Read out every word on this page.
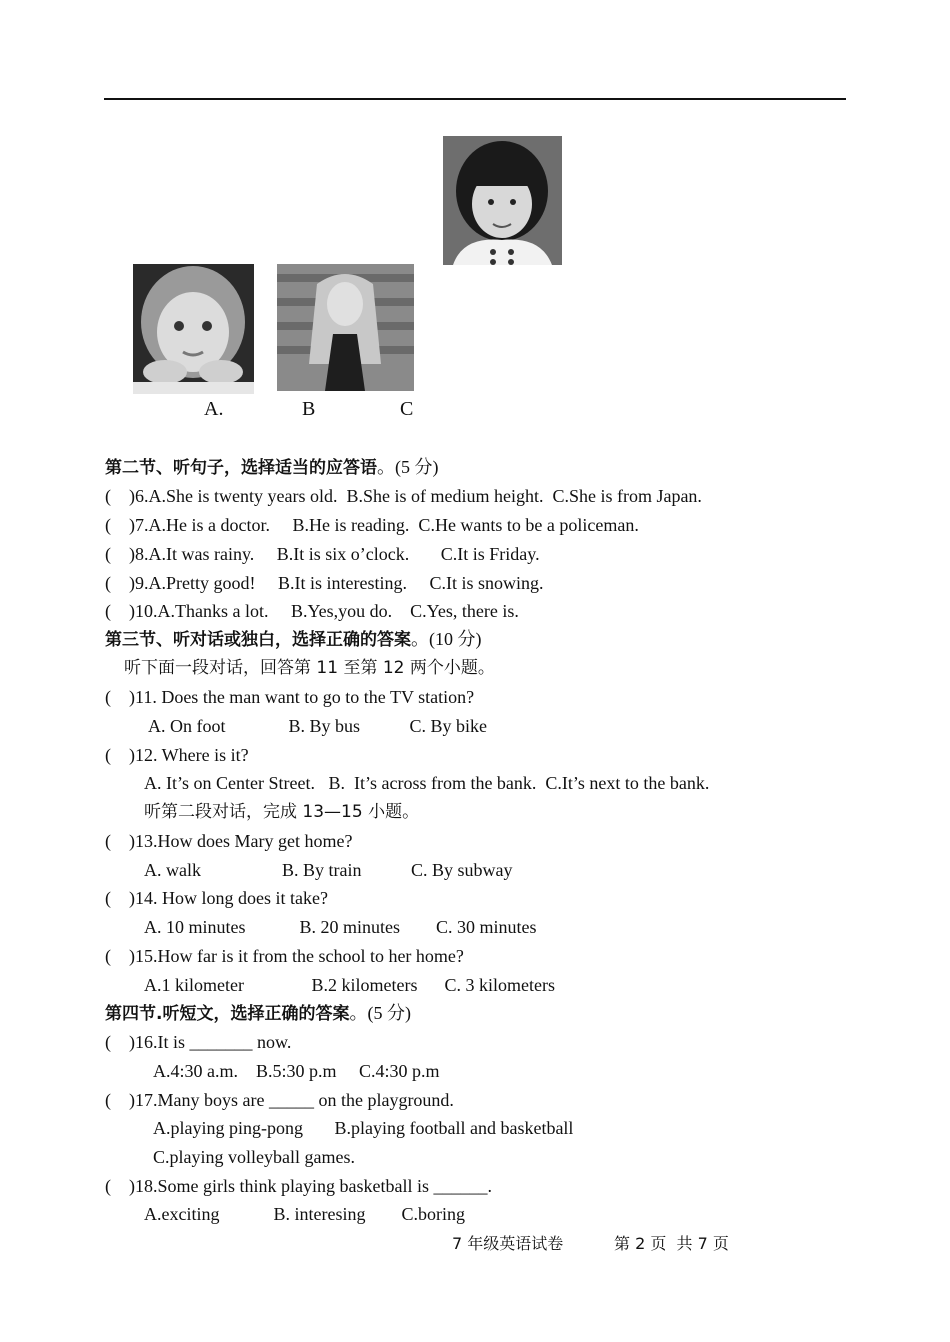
A.	B	C
第二节、听句子，选择适当的应答语。(5 分)
(    )6.A.She is twenty years old.  B.She is of medium height.  C.She is from Japan.
(    )7.A.He is a doctor.     B.He is reading.  C.He wants to be a policeman.
(    )8.A.It was rainy.     B.It is six o’clock.       C.It is Friday.
(    )9.A.Pretty good!     B.It is interesting.     C.It is snowing.
(    )10.A.Thanks a lot.     B.Yes,you do.    C.Yes, there is.
第三节、听对话或独白，选择正确的答案。(10 分)
听下面一段对话，回答第 11 至第 12 两个小题。
(    )11. Does the man want to go to the TV station?
A. On foot              B. By bus           C. By bike
(    )12. Where is it?
A. It’s on Center Street.   B.  It’s across from the bank.  C.It’s next to the bank.
听第二段对话，完成 13—15 小题。
(    )13.How does Mary get home?
A. walk                  B. By train           C. By subway
(    )14. How long does it take?
A. 10 minutes            B. 20 minutes        C. 30 minutes
(    )15.How far is it from the school to her home?
A.1 kilometer               B.2 kilometers      C. 3 kilometers
第四节.听短文，选择正确的答案。(5 分)
(    )16.It is _______ now.
A.4:30 a.m.    B.5:30 p.m     C.4:30 p.m
(    )17.Many boys are _____ on the playground.
A.playing ping-pong       B.playing football and basketball
C.playing volleyball games.
(    )18.Some girls think playing basketball is ______.
A.exciting            B. interesing        C.boring
7 年级英语试卷	第 2 页  共 7 页
